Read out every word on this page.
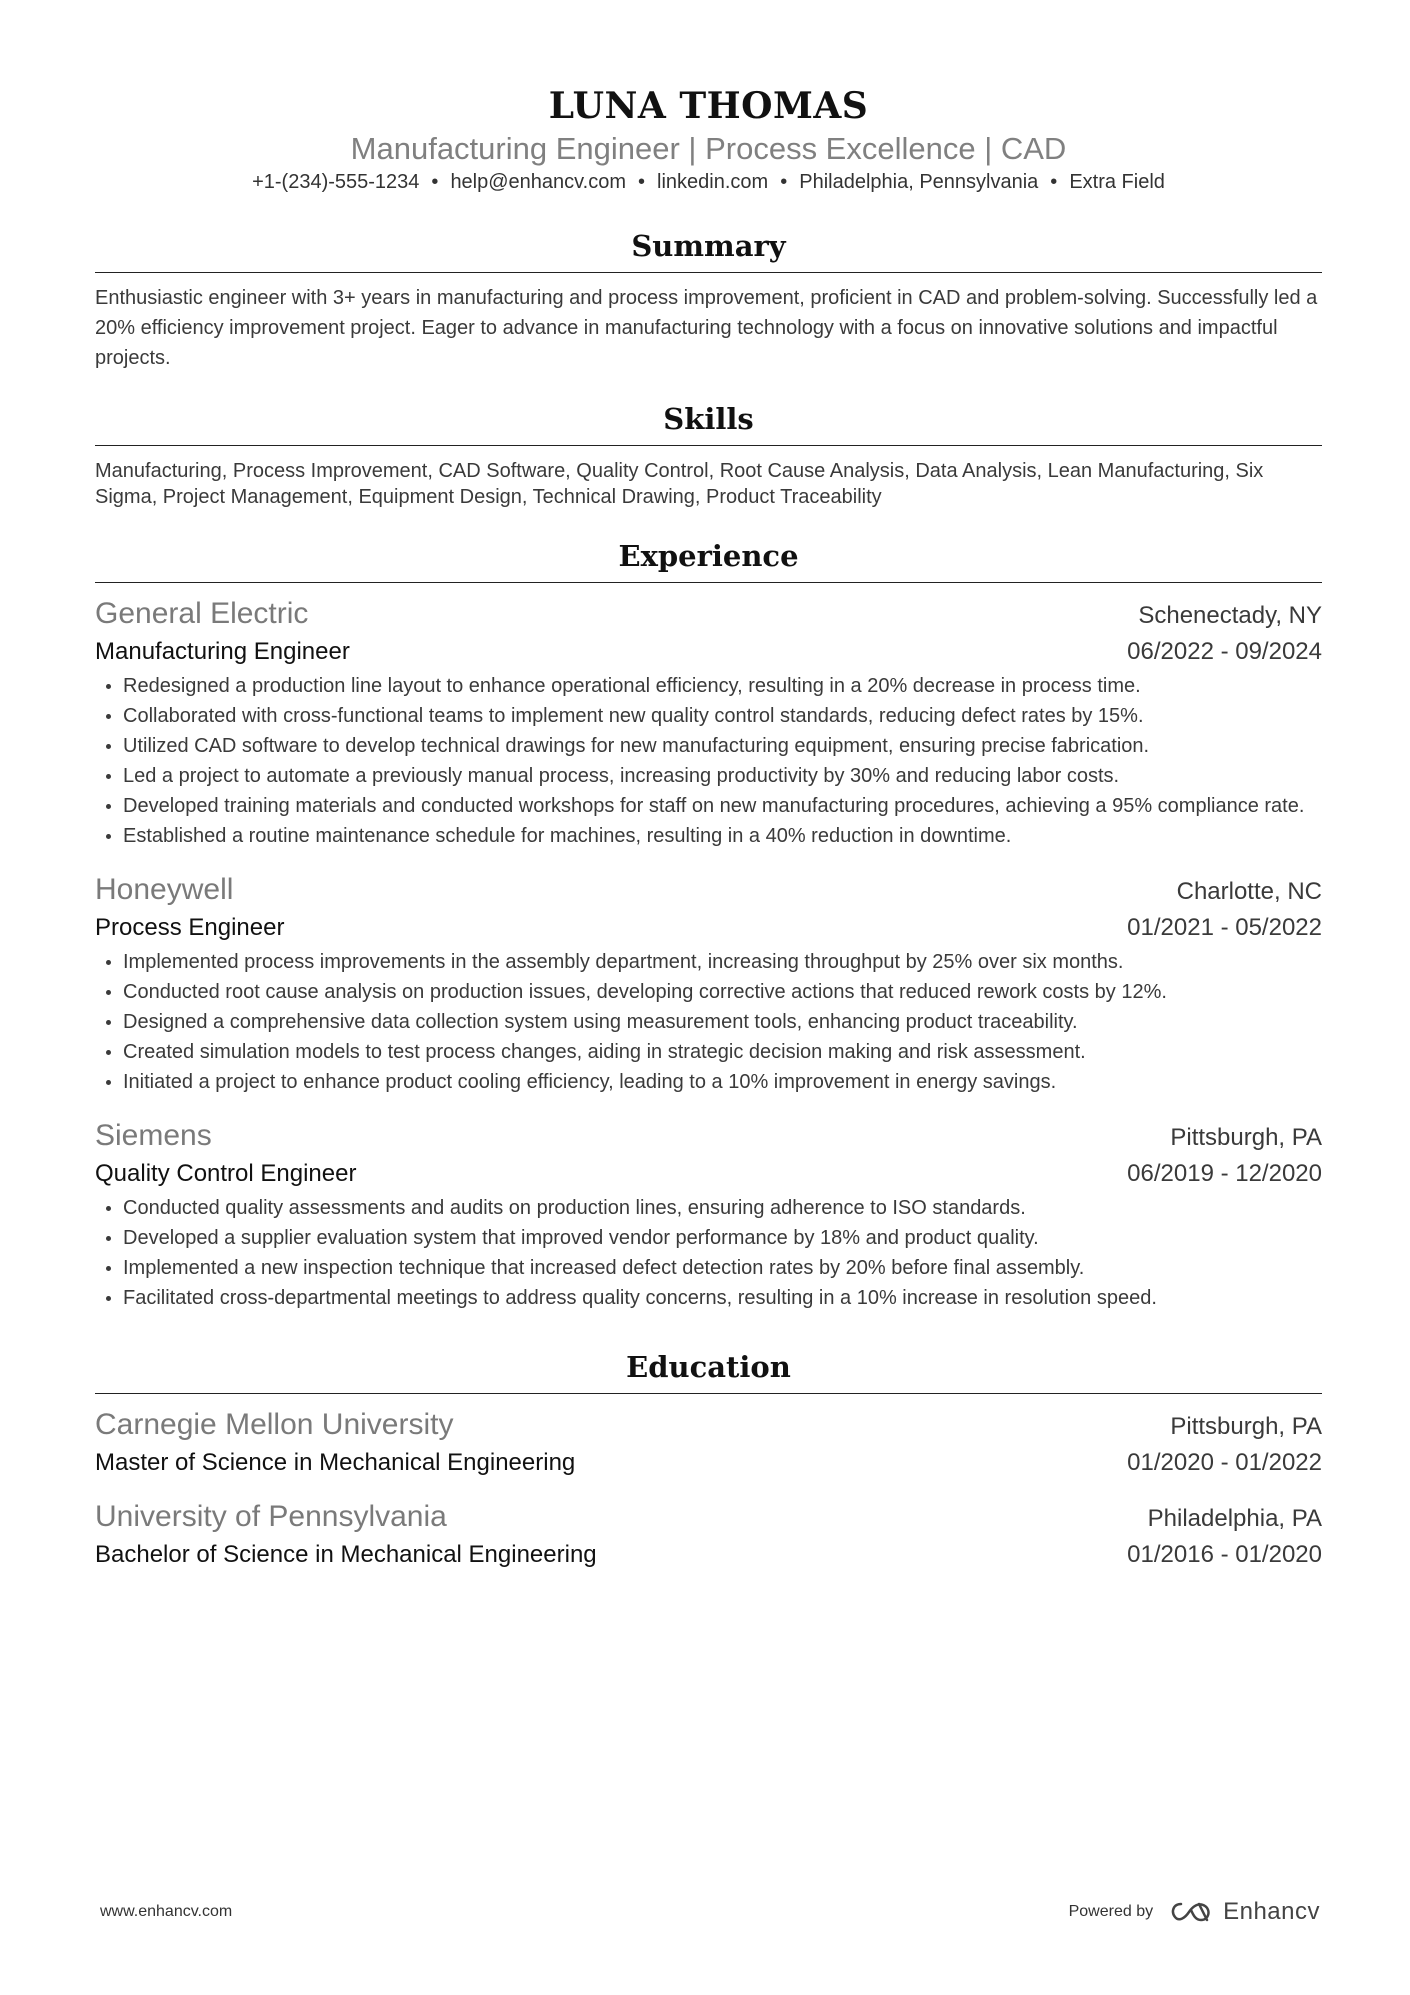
LUNA THOMAS
Manufacturing Engineer | Process Excellence | CAD
+1-(234)-555-1234 • help@enhancv.com • linkedin.com • Philadelphia, Pennsylvania • Extra Field
Summary
Enthusiastic engineer with 3+ years in manufacturing and process improvement, proficient in CAD and problem-solving. Successfully led a 20% efficiency improvement project. Eager to advance in manufacturing technology with a focus on innovative solutions and impactful projects.
Skills
Manufacturing, Process Improvement, CAD Software, Quality Control, Root Cause Analysis, Data Analysis, Lean Manufacturing, Six Sigma, Project Management, Equipment Design, Technical Drawing, Product Traceability
Experience
General Electric	Schenectady, NY
Manufacturing Engineer	06/2022 - 09/2024
Redesigned a production line layout to enhance operational efficiency, resulting in a 20% decrease in process time.
Collaborated with cross-functional teams to implement new quality control standards, reducing defect rates by 15%.
Utilized CAD software to develop technical drawings for new manufacturing equipment, ensuring precise fabrication.
Led a project to automate a previously manual process, increasing productivity by 30% and reducing labor costs.
Developed training materials and conducted workshops for staff on new manufacturing procedures, achieving a 95% compliance rate.
Established a routine maintenance schedule for machines, resulting in a 40% reduction in downtime.
Honeywell	Charlotte, NC
Process Engineer	01/2021 - 05/2022
Implemented process improvements in the assembly department, increasing throughput by 25% over six months.
Conducted root cause analysis on production issues, developing corrective actions that reduced rework costs by 12%.
Designed a comprehensive data collection system using measurement tools, enhancing product traceability.
Created simulation models to test process changes, aiding in strategic decision making and risk assessment.
Initiated a project to enhance product cooling efficiency, leading to a 10% improvement in energy savings.
Siemens	Pittsburgh, PA
Quality Control Engineer	06/2019 - 12/2020
Conducted quality assessments and audits on production lines, ensuring adherence to ISO standards.
Developed a supplier evaluation system that improved vendor performance by 18% and product quality.
Implemented a new inspection technique that increased defect detection rates by 20% before final assembly.
Facilitated cross-departmental meetings to address quality concerns, resulting in a 10% increase in resolution speed.
Education
Carnegie Mellon University	Pittsburgh, PA
Master of Science in Mechanical Engineering	01/2020 - 01/2022
University of Pennsylvania	Philadelphia, PA
Bachelor of Science in Mechanical Engineering	01/2016 - 01/2020
www.enhancv.com	Powered by	Enhancv
